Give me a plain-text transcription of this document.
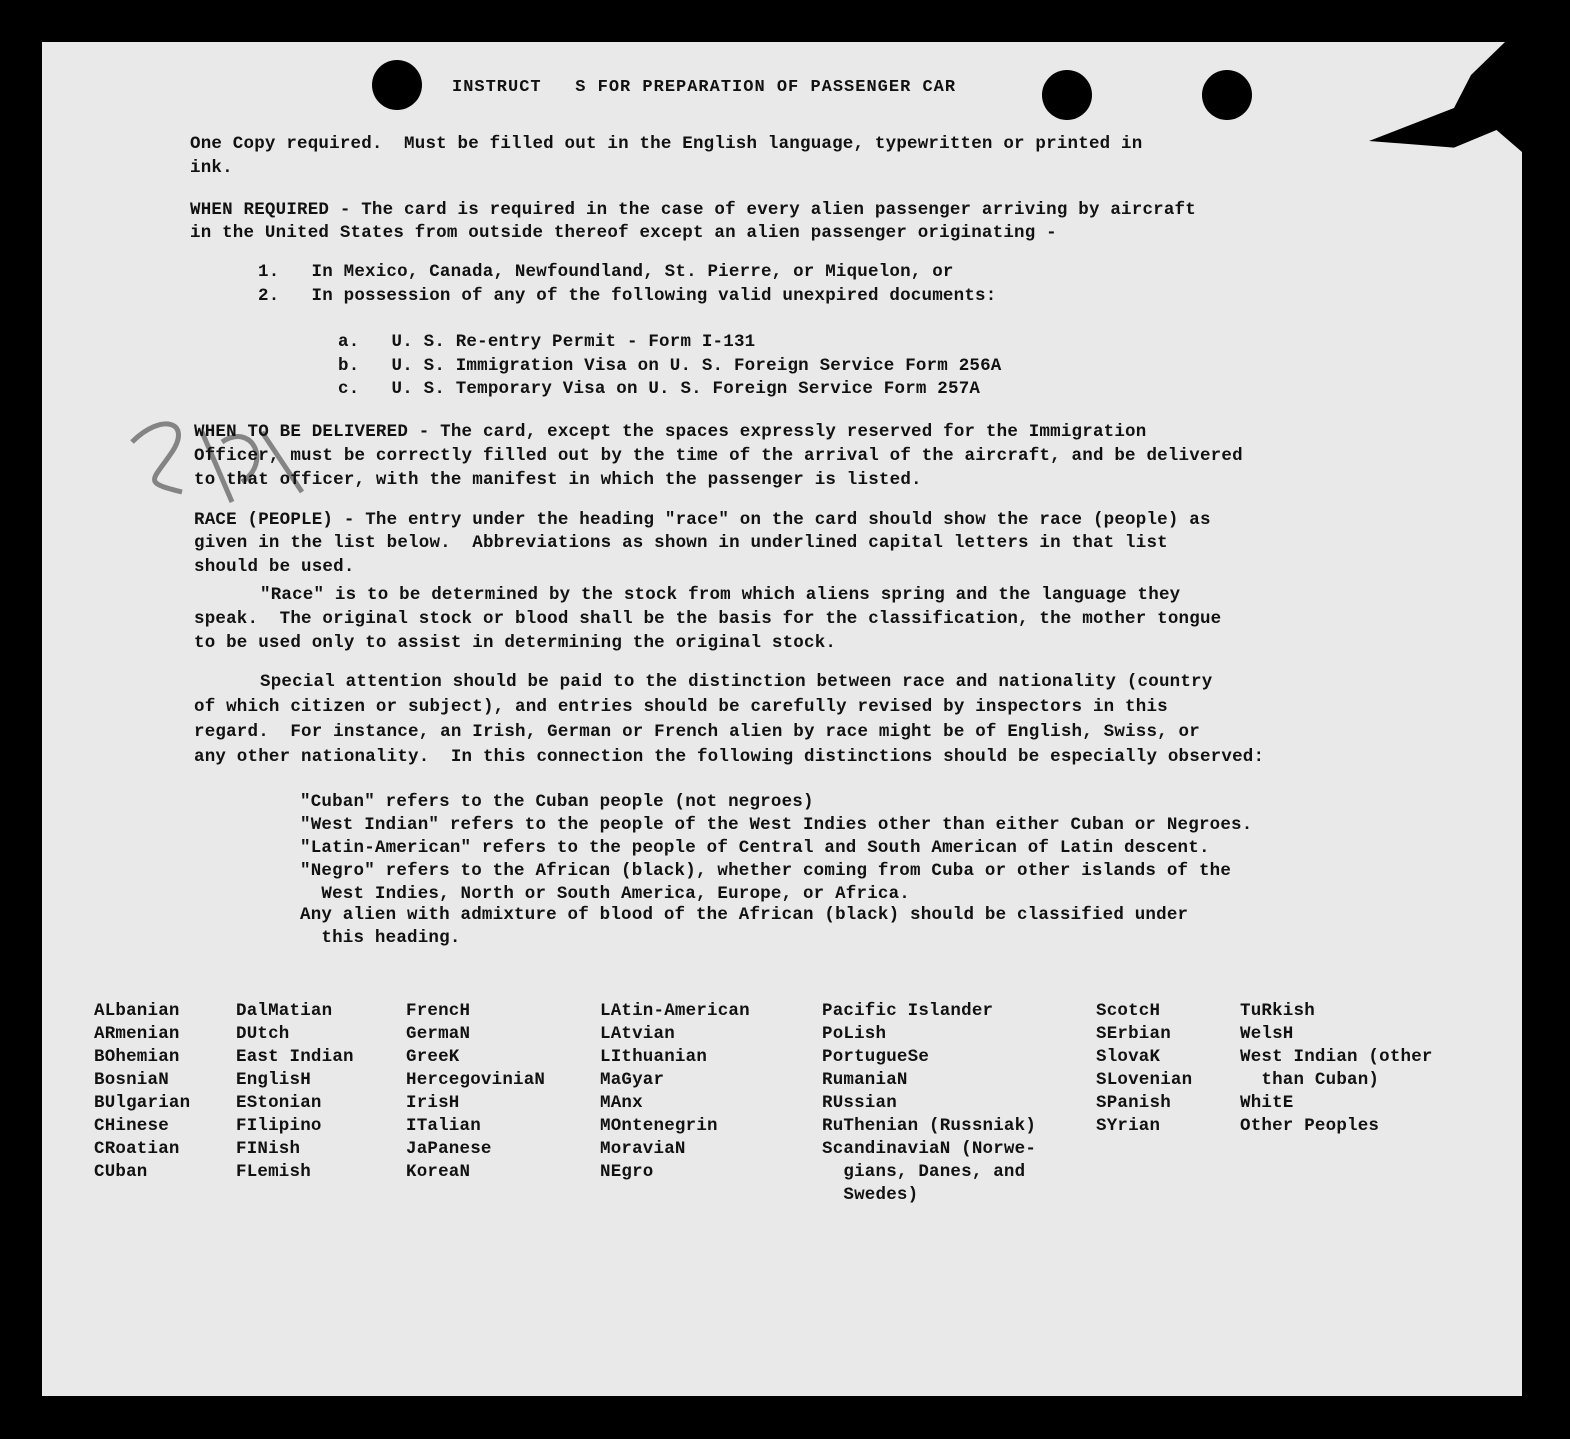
INSTRUCT   S FOR PREPARATION OF PASSENGER CAR
One Copy required.  Must be filled out in the English language, typewritten or printed in
ink.
WHEN REQUIRED - The card is required in the case of every alien passenger arriving by aircraft
in the United States from outside thereof except an alien passenger originating -
1.   In Mexico, Canada, Newfoundland, St. Pierre, or Miquelon, or
2.   In possession of any of the following valid unexpired documents:
a.   U. S. Re-entry Permit - Form I-131
b.   U. S. Immigration Visa on U. S. Foreign Service Form 256A
c.   U. S. Temporary Visa on U. S. Foreign Service Form 257A
WHEN TO BE DELIVERED - The card, except the spaces expressly reserved for the Immigration
Officer, must be correctly filled out by the time of the arrival of the aircraft, and be delivered
to that officer, with the manifest in which the passenger is listed.
RACE (PEOPLE) - The entry under the heading "race" on the card should show the race (people) as
given in the list below.  Abbreviations as shown in underlined capital letters in that list
should be used.
"Race" is to be determined by the stock from which aliens spring and the language they
speak.  The original stock or blood shall be the basis for the classification, the mother tongue
to be used only to assist in determining the original stock.
Special attention should be paid to the distinction between race and nationality (country
of which citizen or subject), and entries should be carefully revised by inspectors in this
regard.  For instance, an Irish, German or French alien by race might be of English, Swiss, or
any other nationality.  In this connection the following distinctions should be especially observed:
"Cuban" refers to the Cuban people (not negroes)
"West Indian" refers to the people of the West Indies other than either Cuban or Negroes.
"Latin-American" refers to the people of Central and South American of Latin descent.
"Negro" refers to the African (black), whether coming from Cuba or other islands of the
West Indies, North or South America, Europe, or Africa.
Any alien with admixture of blood of the African (black) should be classified under
this heading.
ALbanian
ARmenian
BOhemian
BosniaN
BUlgarian
CHinese
CRoatian
CUban
DalMatian
DUtch
East Indian
EnglisH
EStonian
FIlipino
FINish
FLemish
FrencH
GermaN
GreeK
HercegoviniaN
IrisH
ITalian
JaPanese
KoreaN
LAtin-American
LAtvian
LIthuanian
MaGyar
MAnx
MOntenegrin
MoraviaN
NEgro
Pacific Islander
PoLish
PortugueSe
RumaniaN
RUssian
RuThenian (Russniak)
ScandinaviaN (Norwe-
gians, Danes, and
Swedes)
ScotcH
SErbian
SlovaK
SLovenian
SPanish
SYrian
TuRkish
WelsH
West Indian (other
than Cuban)
WhitE
Other Peoples
